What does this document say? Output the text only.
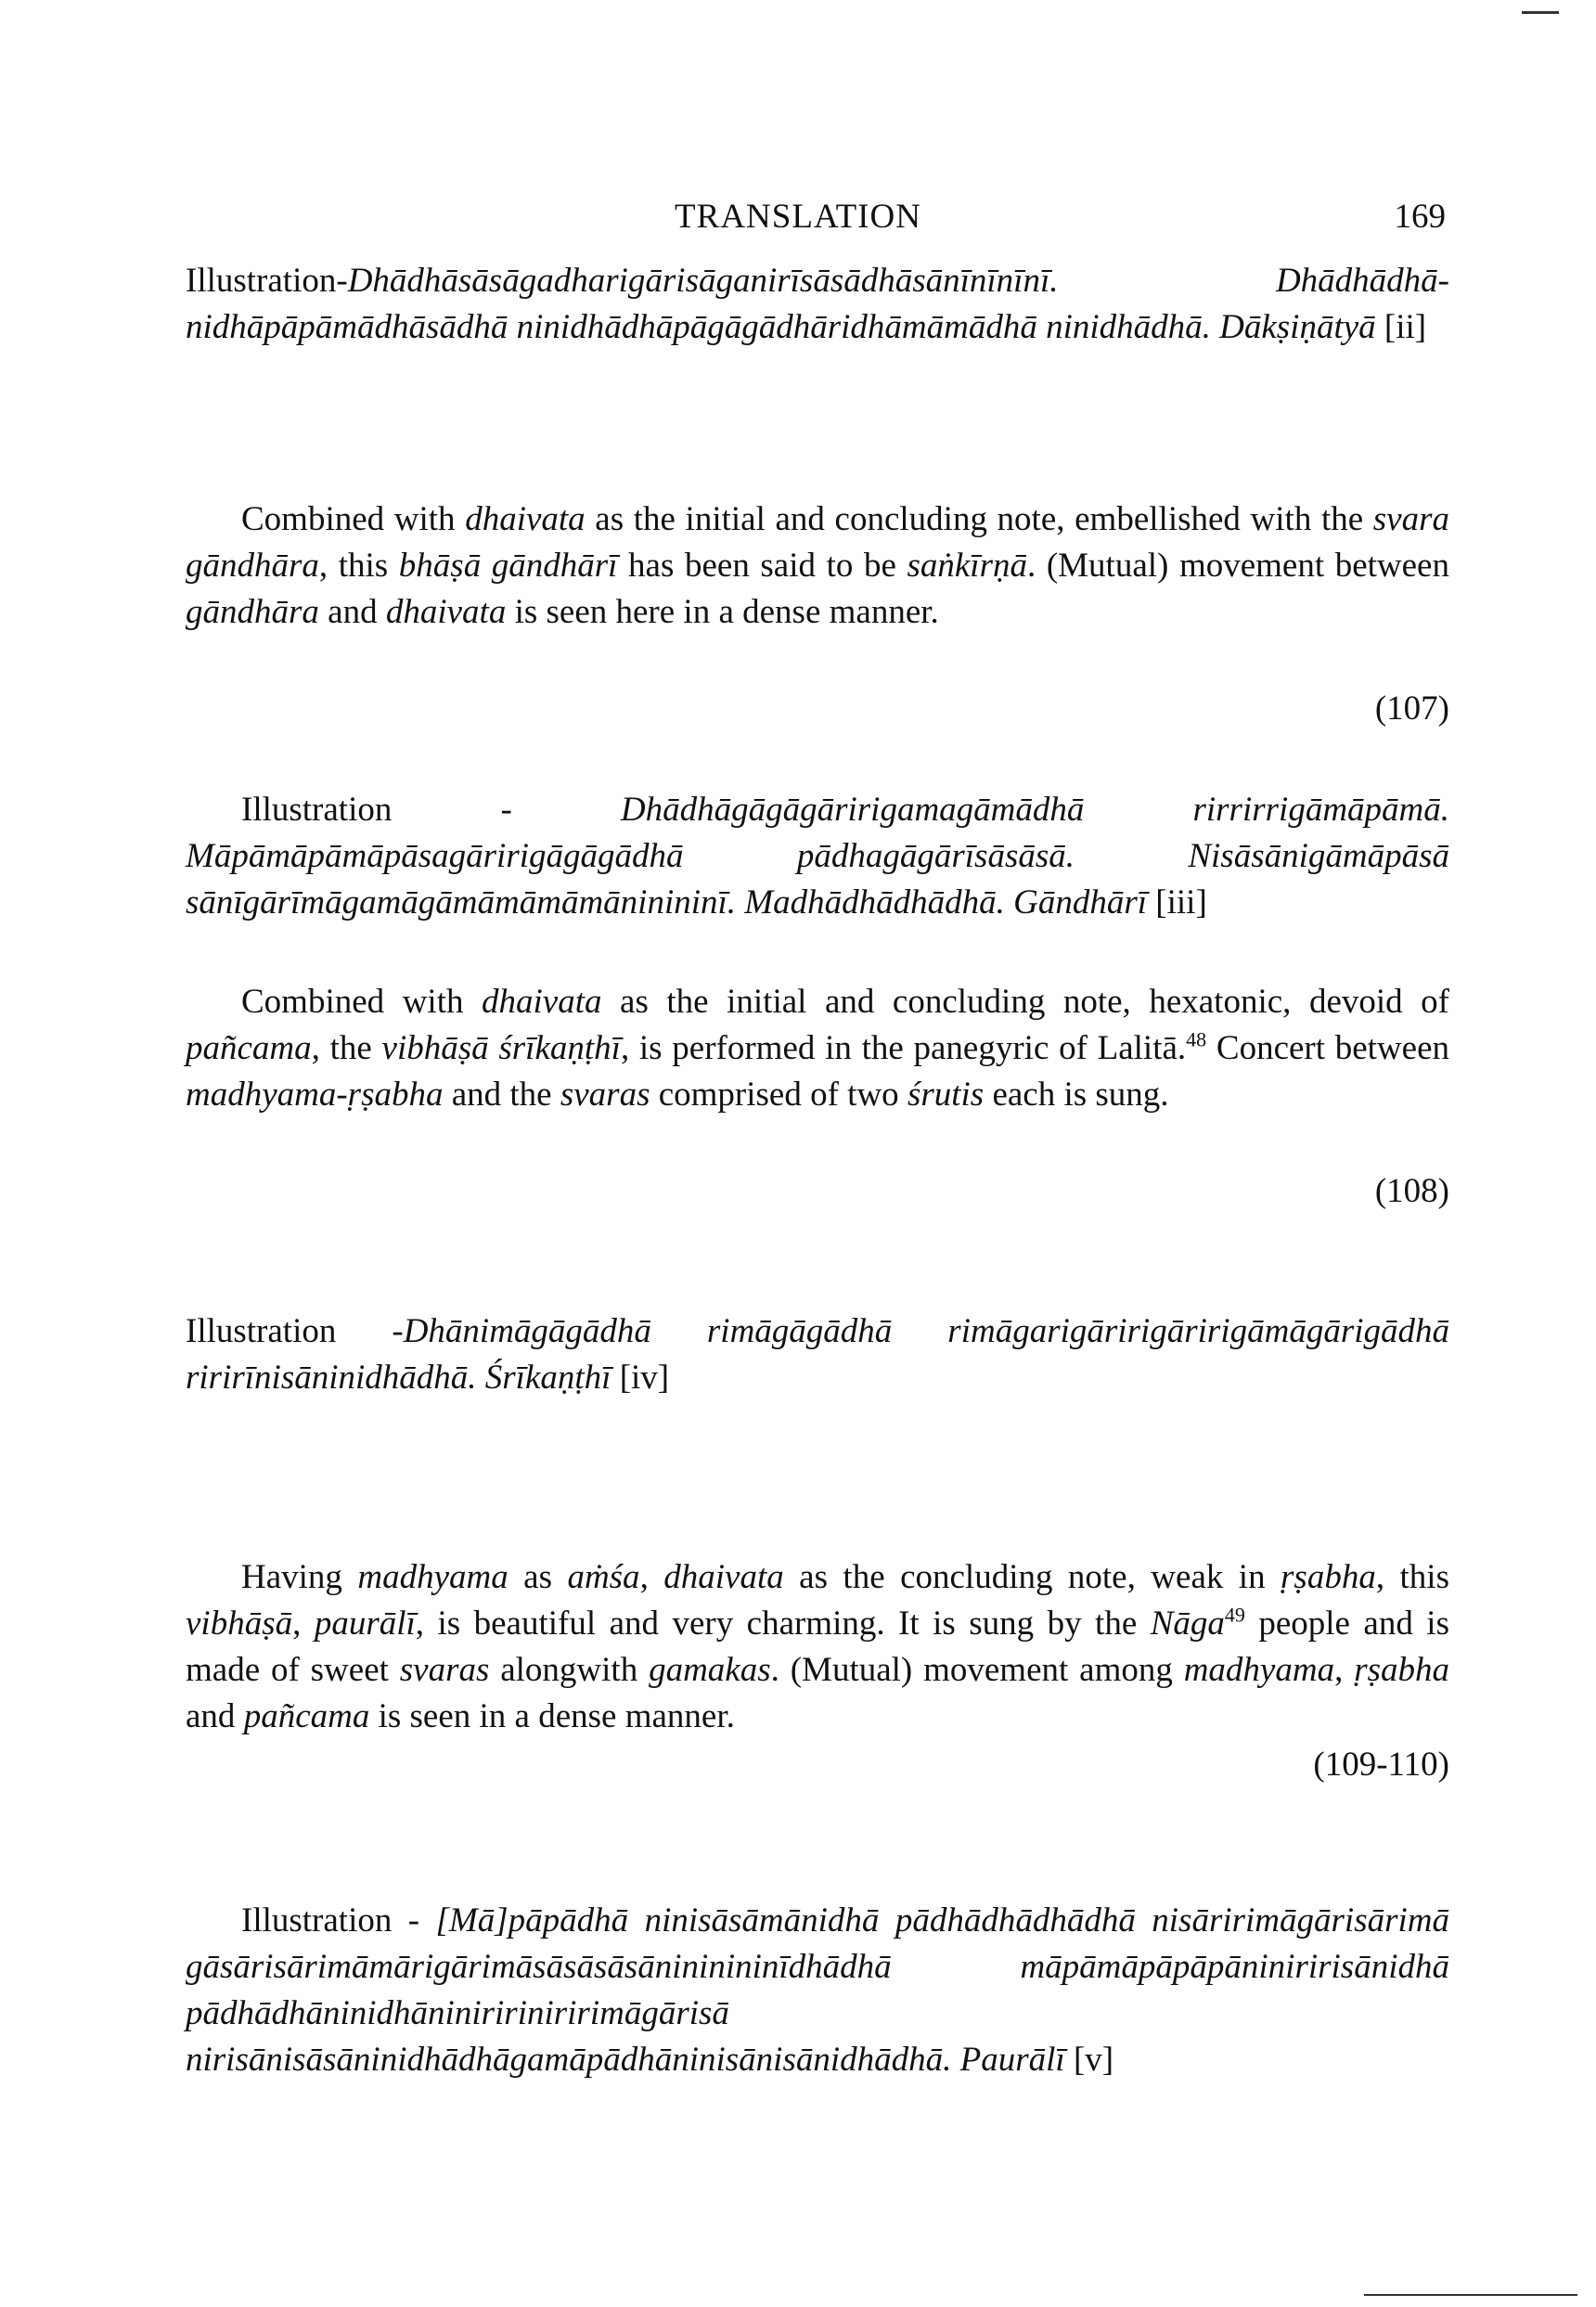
TRANSLATION	169
Illustration-Dhādhāsāsāgadharigārisāganirīsāsādhāsānīnīnīnī. Dhādhādhā-nidhāpāpāmādhāsādhā ninidhādhāpāgāgādhāridhāmāmādhā ninidhādhā. Dākṣiṇātyā [ii]
Combined with dhaivata as the initial and concluding note, embellished with the svara gāndhāra, this bhāṣā gāndhārī has been said to be saṅkīrṇā. (Mutual) movement between gāndhāra and dhaivata is seen here in a dense manner.
(107)
Illustration - Dhādhāgāgāgāririgamagāmādhā rirrirrigāmāpāmā. Māpāmāpāmāpāsagāririgāgāgādhā pādhagāgārīsāsāsā. Nisāsānigāmāpāsā sānīgārīmāgamāgāmāmāmāmāninininī. Madhādhādhādhā. Gāndhārī [iii]
Combined with dhaivata as the initial and concluding note, hexatonic, devoid of pañcama, the vibhāṣā śrīkaṇṭhī, is performed in the panegyric of Lalitā.$^{48}$ Concert between madhyama-ṛṣabha and the svaras comprised of two śrutis each is sung.
(108)
Illustration -Dhānimāgāgādhā rimāgāgādhā rimāgarigāririgāririgāmāgārigādhā ririrīnisāninidhādhā. Śrīkaṇṭhī [iv]
Having madhyama as aṁśa, dhaivata as the concluding note, weak in ṛṣabha, this vibhāṣā, paurālī, is beautiful and very charming. It is sung by the Nāga$^{49}$ people and is made of sweet svaras alongwith gamakas. (Mutual) movement among madhyama, ṛṣabha and pañcama is seen in a dense manner.
(109-110)
Illustration - [Mā]pāpādhā ninisāsāmānidhā pādhādhādhādhā nisāririmāgārisārimā gāsārisārimāmārigārimāsāsāsāsānininininīdhādhā māpāmāpāpāpāniniririsānidhā pādhādhāninidhāniniririniririmāgārisā nirisānisāsāninidhādhāgamāpādhāninisānisānidhādhā. Paurālī [v]
